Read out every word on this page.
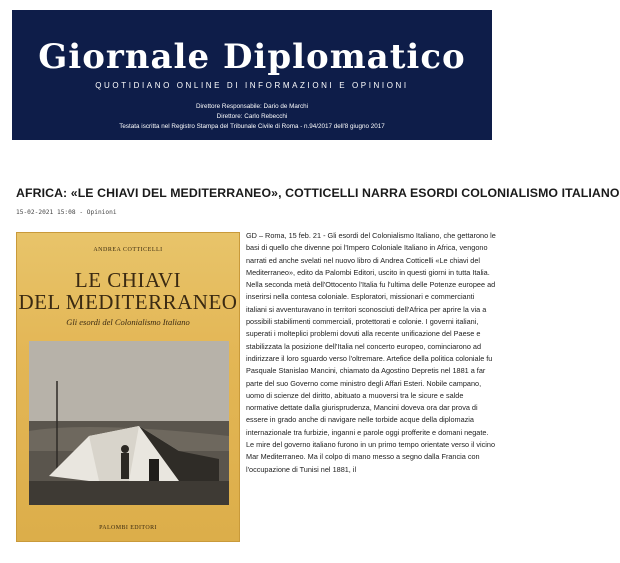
Giornale Diplomatico
QUOTIDIANO ONLINE DI INFORMAZIONI E OPINIONI
Direttore Responsabile: Dario de Marchi
Direttore: Carlo Rebecchi
Testata iscritta nel Registro Stampa del Tribunale Civile di Roma - n.94/2017 dell'8 giugno 2017
AFRICA: «LE CHIAVI DEL MEDITERRANEO», COTTICELLI NARRA ESORDI COLONIALISMO ITALIANO
15-02-2021 15:08 - Opinioni
ANDREA COTTICELLI
LE CHIAVI
DEL MEDITERRANEO
Gli esordi del Colonialismo Italiano
PALOMBI EDITORI

GD – Roma, 15 feb. 21 - Gli esordi del Colonialismo Italiano, che gettarono le basi di quello che divenne poi l'Impero Coloniale Italiano in Africa, vengono narrati ed anche svelati nel nuovo libro di Andrea Cotticelli «Le chiavi del Mediterraneo», edito da Palombi Editori, uscito in questi giorni in tutta Italia.

Nella seconda metà dell'Ottocento l'Italia fu l'ultima delle Potenze europee ad inserirsi nella contesa coloniale. Esploratori, missionari e commercianti italiani si avventuravano in territori sconosciuti dell'Africa per aprire la via a possibili stabilimenti commerciali, protettorati e colonie. I governi italiani, superati i molteplici problemi dovuti alla recente unificazione del Paese e stabilizzata la posizione dell'Italia nel concerto europeo, cominciarono ad indirizzare il loro sguardo verso l'oltremare. Artefice della politica coloniale fu Pasquale Stanislao Mancini, chiamato da Agostino Depretis nel 1881 a far parte del suo Governo come ministro degli Affari Esteri. Nobile campano, uomo di scienze del diritto, abituato a muoversi tra le sicure e salde normative dettate dalla giurisprudenza, Mancini doveva ora dar prova di essere in grado anche di navigare nelle torbide acque della diplomazia internazionale tra furbizie, inganni e parole oggi profferite e domani negate.

Le mire del governo italiano furono in un primo tempo orientate verso il vicino Mar Mediterraneo. Ma il colpo di mano messo a segno dalla Francia con l'occupazione di Tunisi nel 1881, il
